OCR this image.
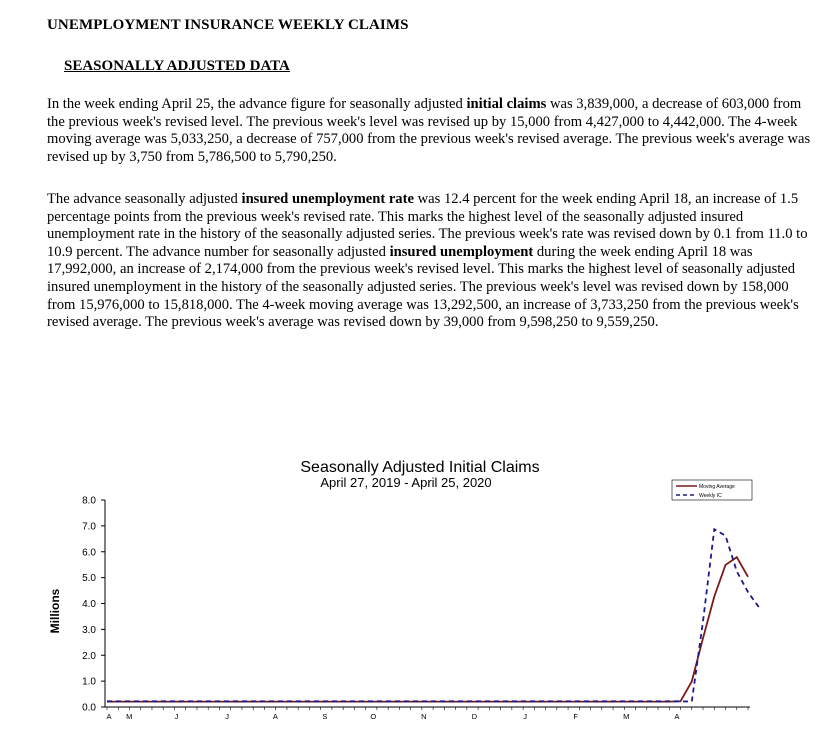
UNEMPLOYMENT INSURANCE WEEKLY CLAIMS
SEASONALLY ADJUSTED DATA

In the week ending April 25, the advance figure for seasonally adjusted initial claims was 3,839,000, a decrease of 603,000 from the previous week's revised level. The previous week's level was revised up by 15,000 from 4,427,000 to 4,442,000. The 4-week moving average was 5,033,250, a decrease of 757,000 from the previous week's revised average. The previous week's average was revised up by 3,750 from 5,786,500 to 5,790,250.

The advance seasonally adjusted insured unemployment rate was 12.4 percent for the week ending April 18, an increase of 1.5 percentage points from the previous week's revised rate. This marks the highest level of the seasonally adjusted insured unemployment rate in the history of the seasonally adjusted series. The previous week's rate was revised down by 0.1 from 11.0 to 10.9 percent. The advance number for seasonally adjusted insured unemployment during the week ending April 18 was 17,992,000, an increase of 2,174,000 from the previous week's revised level. This marks the highest level of seasonally adjusted insured unemployment in the history of the seasonally adjusted series. The previous week's level was revised down by 158,000 from 15,976,000 to 15,818,000. The 4-week moving average was 13,292,500, an increase of 3,733,250 from the previous week's revised average. The previous week's average was revised down by 39,000 from 9,598,250 to 9,559,250.

Seasonally Adjusted Initial Claims
April 27, 2019 - April 25, 2020
Millions
Moving Average
Weekly IC
8.0
7.0
6.0
5.0
4.0
3.0
2.0
1.0
0.0
A M	J	J	A	S	O	N	D	J	F	M	A
